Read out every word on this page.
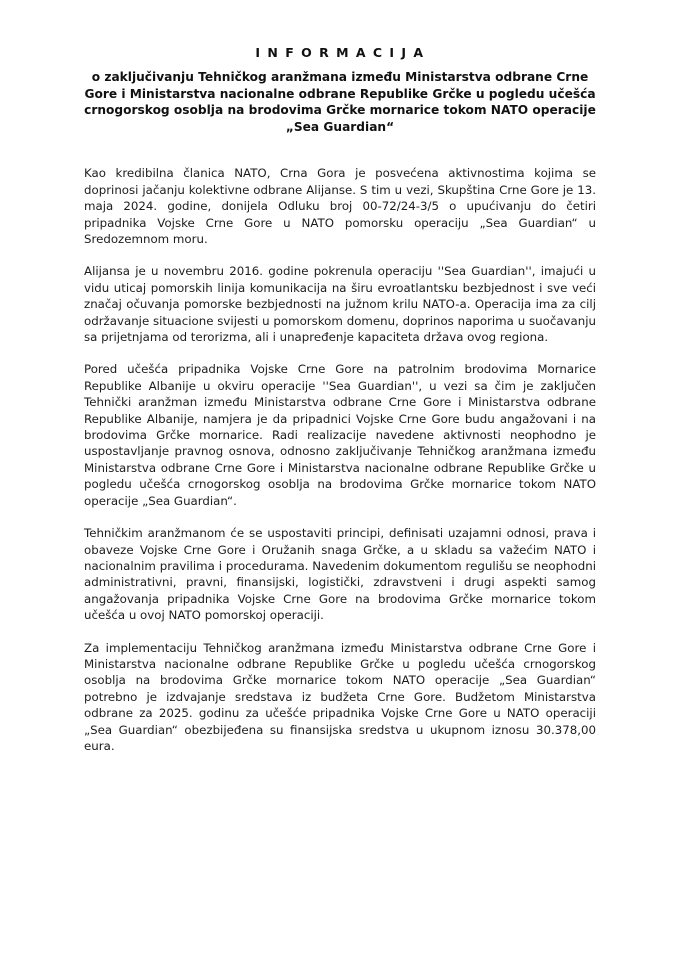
I N F O R M A C I J A
o zaključivanju Tehničkog aranžmana između Ministarstva odbrane Crne Gore i Ministarstva nacionalne odbrane Republike Grčke u pogledu učešća crnogorskog osoblja na brodovima Grčke mornarice tokom NATO operacije „Sea Guardian“

Kao kredibilna članica NATO, Crna Gora je posvećena aktivnostima kojima se doprinosi jačanju kolektivne odbrane Alijanse. S tim u vezi, Skupština Crne Gore je 13. maja 2024. godine, donijela Odluku broj 00-72/24-3/5 o upućivanju do četiri pripadnika Vojske Crne Gore u NATO pomorsku operaciju „Sea Guardian“ u Sredozemnom moru.

Alijansa je u novembru 2016. godine pokrenula operaciju ''Sea Guardian'', imajući u vidu uticaj pomorskih linija komunikacija na širu evroatlantsku bezbjednost i sve veći značaj očuvanja pomorske bezbjednosti na južnom krilu NATO-a. Operacija ima za cilj održavanje situacione svijesti u pomorskom domenu, doprinos naporima u suočavanju sa prijetnjama od terorizma, ali i unapređenje kapaciteta država ovog regiona.

Pored učešća pripadnika Vojske Crne Gore na patrolnim brodovima Mornarice Republike Albanije u okviru operacije ''Sea Guardian'', u vezi sa čim je zaključen Tehnički aranžman između Ministarstva odbrane Crne Gore i Ministarstva odbrane Republike Albanije, namjera je da pripadnici Vojske Crne Gore budu angažovani i na brodovima Grčke mornarice. Radi realizacije navedene aktivnosti neophodno je uspostavljanje pravnog osnova, odnosno zaključivanje Tehničkog aranžmana između Ministarstva odbrane Crne Gore i Ministarstva nacionalne odbrane Republike Grčke u pogledu učešća crnogorskog osoblja na brodovima Grčke mornarice tokom NATO operacije „Sea Guardian“.

Tehničkim aranžmanom će se uspostaviti principi, definisati uzajamni odnosi, prava i obaveze Vojske Crne Gore i Oružanih snaga Grčke, a u skladu sa važećim NATO i nacionalnim pravilima i procedurama. Navedenim dokumentom regulišu se neophodni administrativni, pravni, finansijski, logistički, zdravstveni i drugi aspekti samog angažovanja pripadnika Vojske Crne Gore na brodovima Grčke mornarice tokom učešća u ovoj NATO pomorskoj operaciji.

Za implementaciju Tehničkog aranžmana između Ministarstva odbrane Crne Gore i Ministarstva nacionalne odbrane Republike Grčke u pogledu učešća crnogorskog osoblja na brodovima Grčke mornarice tokom NATO operacije „Sea Guardian“ potrebno je izdvajanje sredstava iz budžeta Crne Gore. Budžetom Ministarstva odbrane za 2025. godinu za učešće pripadnika Vojske Crne Gore u NATO operaciji „Sea Guardian“ obezbijeđena su finansijska sredstva u ukupnom iznosu 30.378,00 eura.
